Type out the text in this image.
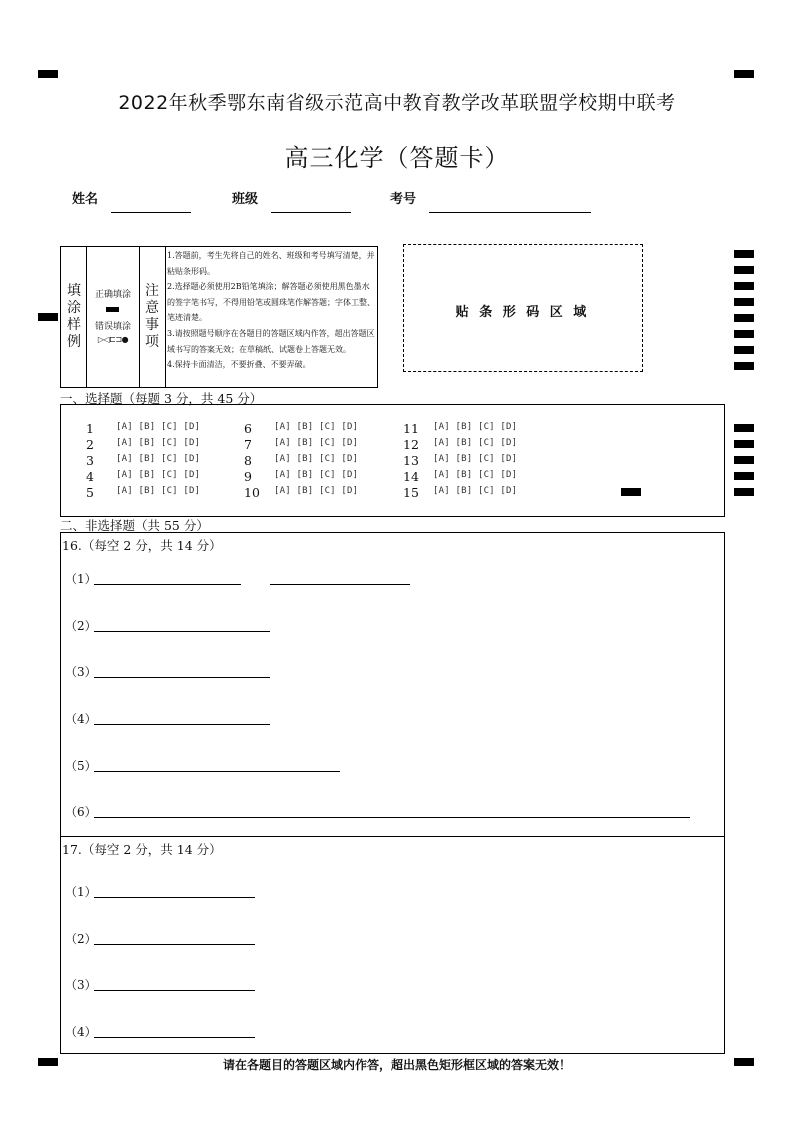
2022年秋季鄂东南省级示范高中教育教学改革联盟学校期中联考
高三化学（答题卡）
姓名	班级	考号
填涂样例
正确填涂
错误填涂
▷◁⊏⊐●
注意事项
1.答题前，考生先将自己的姓名、班级和考号填写清楚，并粘贴条形码。
2.选择题必须使用2B铅笔填涂；解答题必须使用黑色墨水的签字笔书写，不得用铅笔或圆珠笔作解答题；字体工整、笔迹清楚。
3.请按照题号顺序在各题目的答题区域内作答，超出答题区域书写的答案无效；在草稿纸、试题卷上答题无效。
4.保持卡面清洁，不要折叠、不要弄破。
贴 条 形 码 区 域
一、选择题（每题 3 分，共 45 分）
1	[A] [B] [C] [D]
2	[A] [B] [C] [D]
3	[A] [B] [C] [D]
4	[A] [B] [C] [D]
5	[A] [B] [C] [D]
6	[A] [B] [C] [D]
7	[A] [B] [C] [D]
8	[A] [B] [C] [D]
9	[A] [B] [C] [D]
10	[A] [B] [C] [D]
11	[A] [B] [C] [D]
12	[A] [B] [C] [D]
13	[A] [B] [C] [D]
14	[A] [B] [C] [D]
15	[A] [B] [C] [D]
二、非选择题（共 55 分）
16.（每空 2 分，共 14 分）
（1）
（2）
（3）
（4）
（5）
（6）
17.（每空 2 分，共 14 分）
（1）
（2）
（3）
（4）
请在各题目的答题区域内作答，超出黑色矩形框区域的答案无效！
